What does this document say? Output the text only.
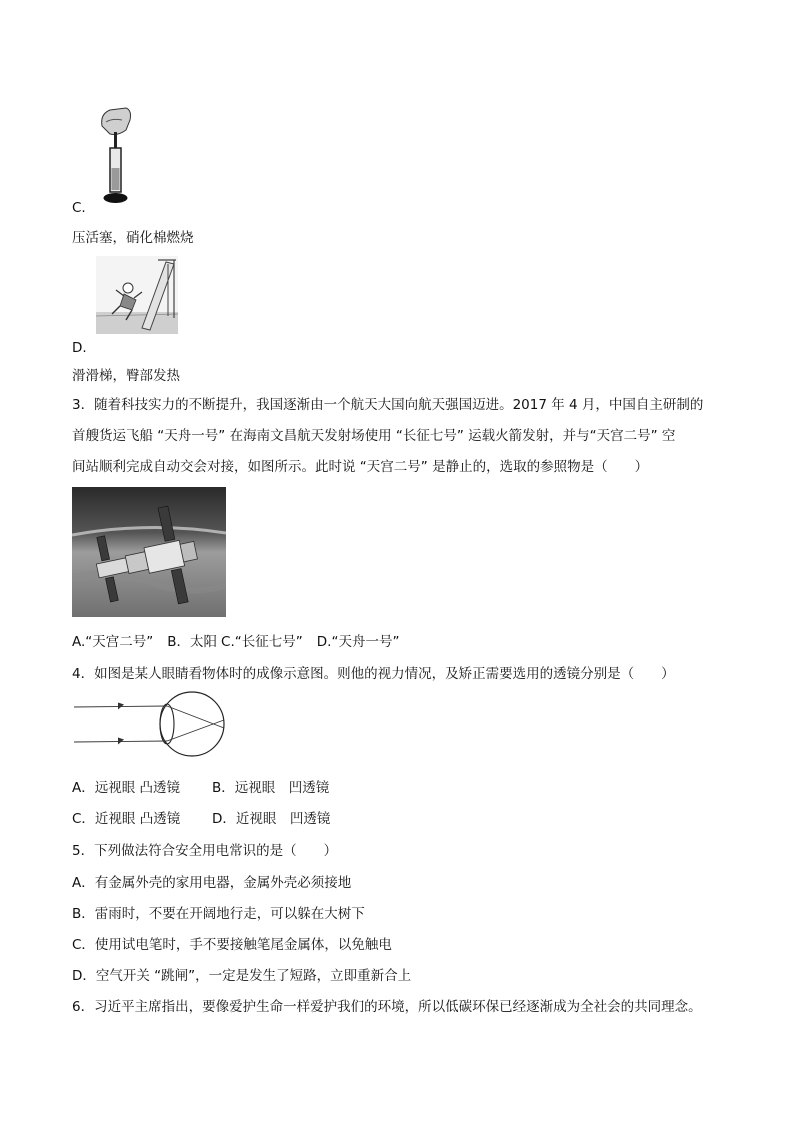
C.
压活塞，硝化棉燃烧
D.
滑滑梯，臀部发热
3．随着科技实力的不断提升，我国逐渐由一个航天大国向航天强国迈进。2017 年 4 月，中国自主研制的
首艘货运飞船 “天舟一号” 在海南文昌航天发射场使用 “长征七号” 运载火箭发射，并与“天宫二号” 空
间站顺利完成自动交会对接，如图所示。此时说 “天宫二号” 是静止的，选取的参照物是（　　）
A.“天宫二号” B．太阳 C.“长征七号” D.“天舟一号”
4．如图是某人眼睛看物体时的成像示意图。则他的视力情况，及矫正需要选用的透镜分别是（　　）
A．远视眼 凸透镜 B．远视眼　凹透镜
C．近视眼 凸透镜 D．近视眼　凹透镜
5．下列做法符合安全用电常识的是（　　）
A．有金属外壳的家用电器，金属外壳必须接地
B．雷雨时，不要在开阔地行走，可以躲在大树下
C．使用试电笔时，手不要接触笔尾金属体，以免触电
D．空气开关 “跳闸”，一定是发生了短路，立即重新合上
6．习近平主席指出，要像爱护生命一样爱护我们的环境，所以低碳环保已经逐渐成为全社会的共同理念。
